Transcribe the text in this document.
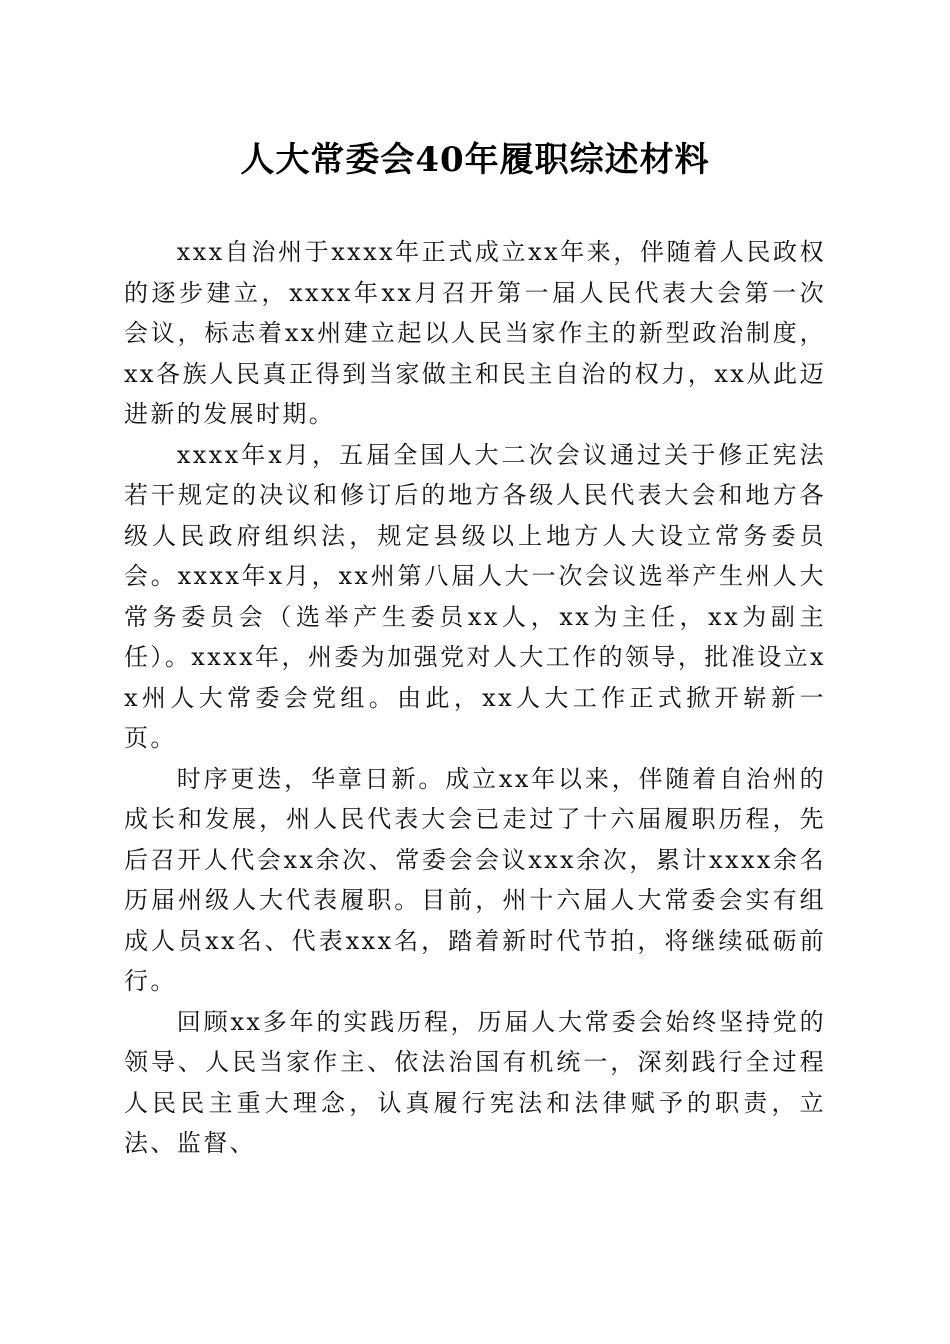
人大常委会40年履职综述材料

xxx自治州于xxxx年正式成立xx年来，伴随着人民政权的逐步建立，xxxx年xx月召开第一届人民代表大会第一次会议，标志着xx州建立起以人民当家作主的新型政治制度，xx各族人民真正得到当家做主和民主自治的权力，xx从此迈进新的发展时期。

xxxx年x月，五届全国人大二次会议通过关于修正宪法若干规定的决议和修订后的地方各级人民代表大会和地方各级人民政府组织法，规定县级以上地方人大设立常务委员会。xxxx年x月，xx州第八届人大一次会议选举产生州人大常务委员会（选举产生委员xx人，xx为主任，xx为副主任）。xxxx年，州委为加强党对人大工作的领导，批准设立xx州人大常委会党组。由此，xx人大工作正式掀开崭新一页。

时序更迭，华章日新。成立xx年以来，伴随着自治州的成长和发展，州人民代表大会已走过了十六届履职历程，先后召开人代会xx余次、常委会会议xxx余次，累计xxxx余名历届州级人大代表履职。目前，州十六届人大常委会实有组成人员xx名、代表xxx名，踏着新时代节拍，将继续砥砺前行。

回顾xx多年的实践历程，历届人大常委会始终坚持党的领导、人民当家作主、依法治国有机统一，深刻践行全过程人民民主重大理念，认真履行宪法和法律赋予的职责，立法、监督、
